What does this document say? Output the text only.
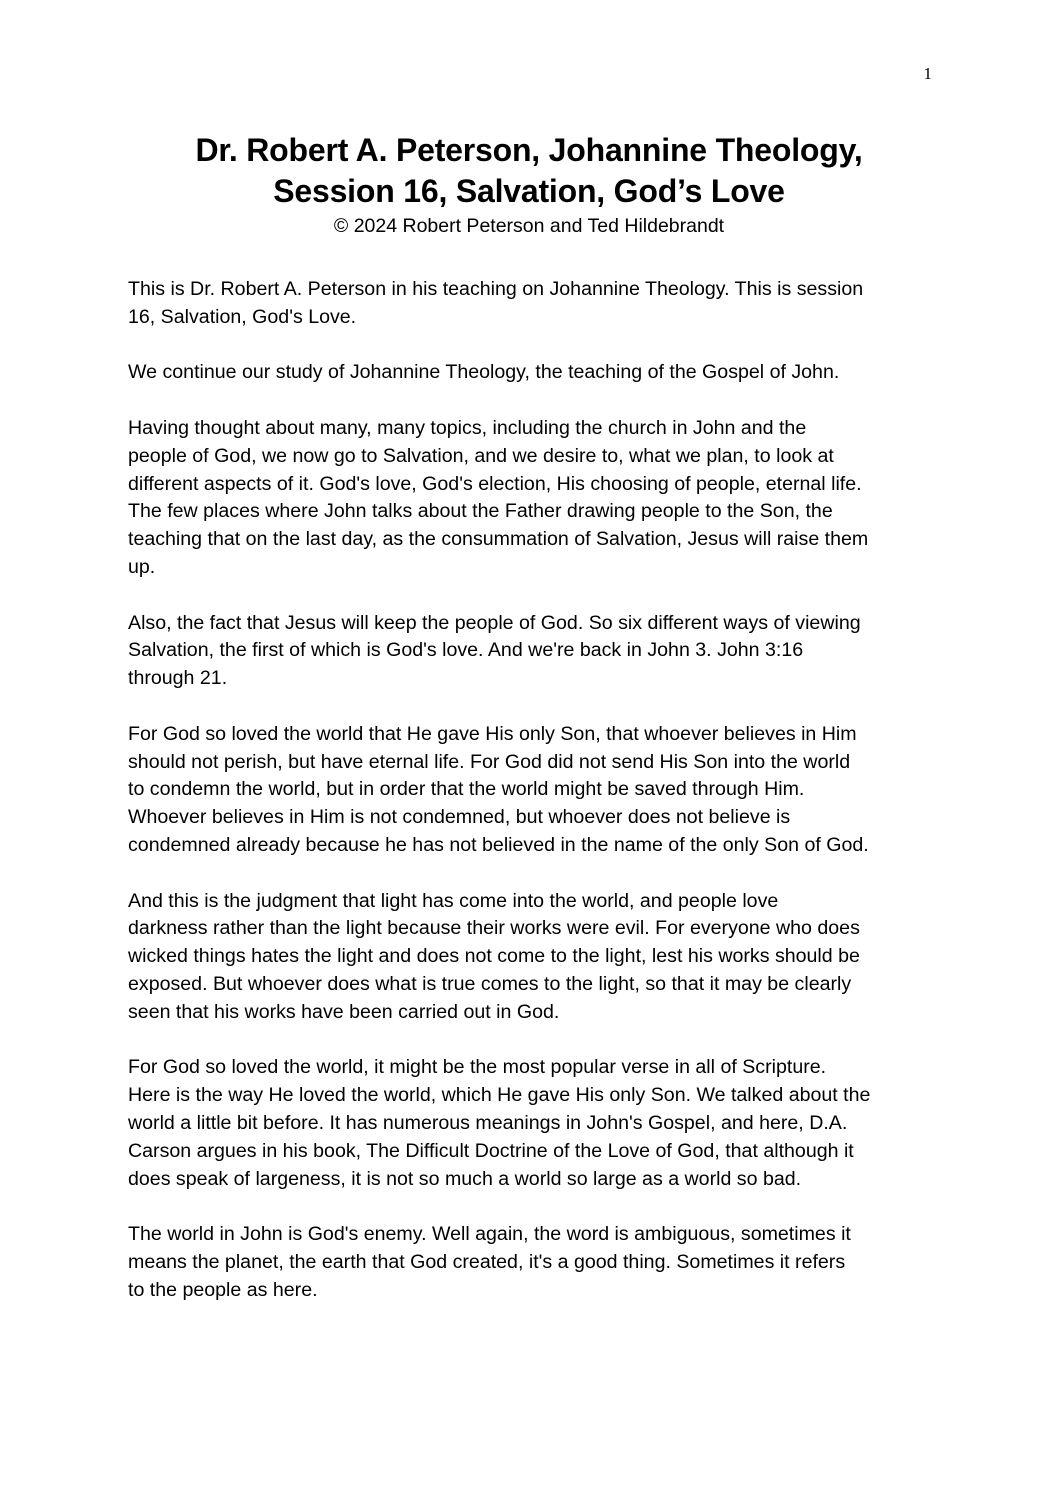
1
Dr. Robert A. Peterson, Johannine Theology,
Session 16, Salvation, God’s Love
© 2024 Robert Peterson and Ted Hildebrandt

This is Dr. Robert A. Peterson in his teaching on Johannine Theology. This is session
16, Salvation, God's Love.

We continue our study of Johannine Theology, the teaching of the Gospel of John.

Having thought about many, many topics, including the church in John and the
people of God, we now go to Salvation, and we desire to, what we plan, to look at
different aspects of it. God's love, God's election, His choosing of people, eternal life.
The few places where John talks about the Father drawing people to the Son, the
teaching that on the last day, as the consummation of Salvation, Jesus will raise them
up.

Also, the fact that Jesus will keep the people of God. So six different ways of viewing
Salvation, the first of which is God's love. And we're back in John 3. John 3:16
through 21.

For God so loved the world that He gave His only Son, that whoever believes in Him
should not perish, but have eternal life. For God did not send His Son into the world
to condemn the world, but in order that the world might be saved through Him.
Whoever believes in Him is not condemned, but whoever does not believe is
condemned already because he has not believed in the name of the only Son of God.

And this is the judgment that light has come into the world, and people love
darkness rather than the light because their works were evil. For everyone who does
wicked things hates the light and does not come to the light, lest his works should be
exposed. But whoever does what is true comes to the light, so that it may be clearly
seen that his works have been carried out in God.

For God so loved the world, it might be the most popular verse in all of Scripture.
Here is the way He loved the world, which He gave His only Son. We talked about the
world a little bit before. It has numerous meanings in John's Gospel, and here, D.A.
Carson argues in his book, The Difficult Doctrine of the Love of God, that although it
does speak of largeness, it is not so much a world so large as a world so bad.

The world in John is God's enemy. Well again, the word is ambiguous, sometimes it
means the planet, the earth that God created, it's a good thing. Sometimes it refers
to the people as here.
